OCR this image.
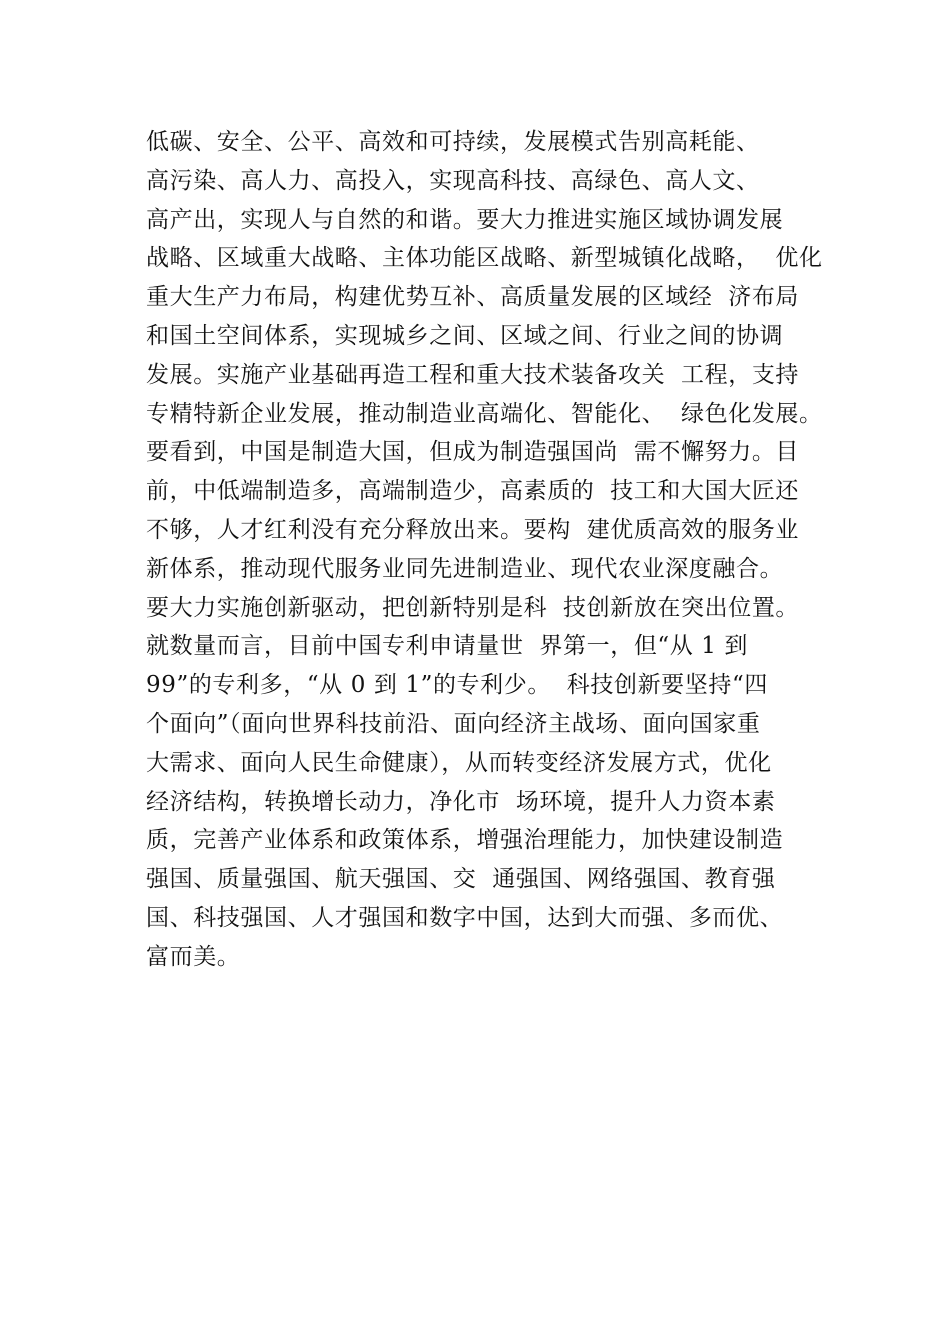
低碳、安全、公平、高效和可持续，发展模式告别高耗能、
高污染、高人力、高投入，实现高科技、高绿色、高人文、
高产出，实现人与自然的和谐。要大力推进实施区域协调发展
战略、区域重大战略、主体功能区战略、新型城镇化战略，  优化
重大生产力布局，构建优势互补、高质量发展的区域经  济布局
和国土空间体系，实现城乡之间、区域之间、行业之间的协调
发展。实施产业基础再造工程和重大技术装备攻关  工程，支持
专精特新企业发展，推动制造业高端化、智能化、  绿色化发展。
要看到，中国是制造大国，但成为制造强国尚  需不懈努力。目
前，中低端制造多，高端制造少，高素质的  技工和大国大匠还
不够，人才红利没有充分释放出来。要构  建优质高效的服务业
新体系，推动现代服务业同先进制造业、现代农业深度融合。
要大力实施创新驱动，把创新特别是科  技创新放在突出位置。
就数量而言，目前中国专利申请量世  界第一，但“从 1 到
99”的专利多，“从 0 到 1”的专利少。  科技创新要坚持“四
个面向”（面向世界科技前沿、面向经济主战场、面向国家重
大需求、面向人民生命健康），从而转变经济发展方式，优化
经济结构，转换增长动力，净化市  场环境，提升人力资本素
质，完善产业体系和政策体系，增强治理能力，加快建设制造
强国、质量强国、航天强国、交  通强国、网络强国、教育强
国、科技强国、人才强国和数字中国，达到大而强、多而优、
富而美。
